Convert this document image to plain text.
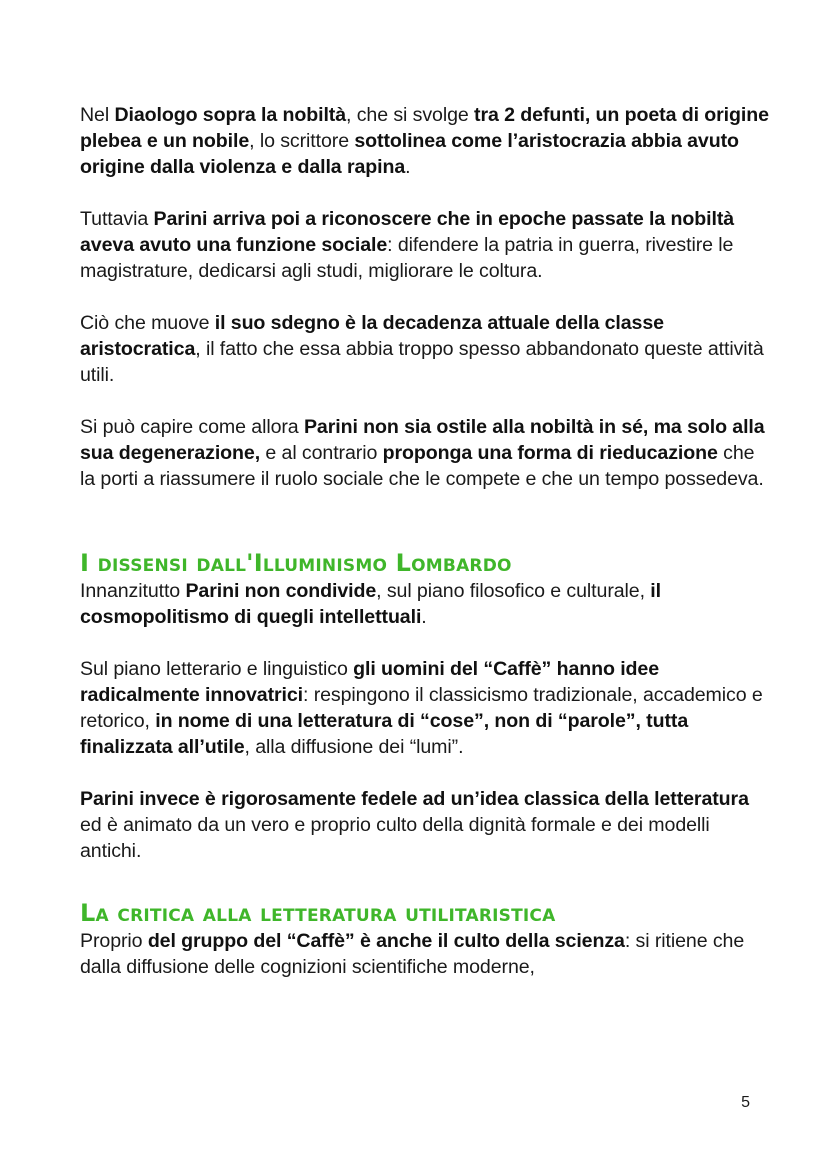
Nel Diaologo sopra la nobiltà, che si svolge tra 2 defunti, un poeta di origine plebea e un nobile, lo scrittore sottolinea come l’aristocrazia abbia avuto origine dalla violenza e dalla rapina.

Tuttavia Parini arriva poi a riconoscere che in epoche passate la nobiltà aveva avuto una funzione sociale: difendere la patria in guerra, rivestire le magistrature, dedicarsi agli studi, migliorare le coltura.

Ciò che muove il suo sdegno è la decadenza attuale della classe aristocratica, il fatto che essa abbia troppo spesso abbandonato queste attività utili.

Si può capire come allora Parini non sia ostile alla nobiltà in sé, ma solo alla sua degenerazione, e al contrario proponga una forma di rieducazione che la porti a riassumere il ruolo sociale che le compete e che un tempo possedeva.

I dissensi dall'Illuminismo Lombardo

Innanzitutto Parini non condivide, sul piano filosofico e culturale, il cosmopolitismo di quegli intellettuali.

Sul piano letterario e linguistico gli uomini del “Caffè” hanno idee radicalmente innovatrici: respingono il classicismo tradizionale, accademico e retorico, in nome di una letteratura di “cose”, non di “parole”, tutta finalizzata all’utile, alla diffusione dei “lumi”.

Parini invece è rigorosamente fedele ad un’idea classica della letteratura ed è animato da un vero e proprio culto della dignità formale e dei modelli antichi.

La critica alla letteratura utilitaristica

Proprio del gruppo del “Caffè” è anche il culto della scienza: si ritiene che dalla diffusione delle cognizioni scientifiche moderne,

5
